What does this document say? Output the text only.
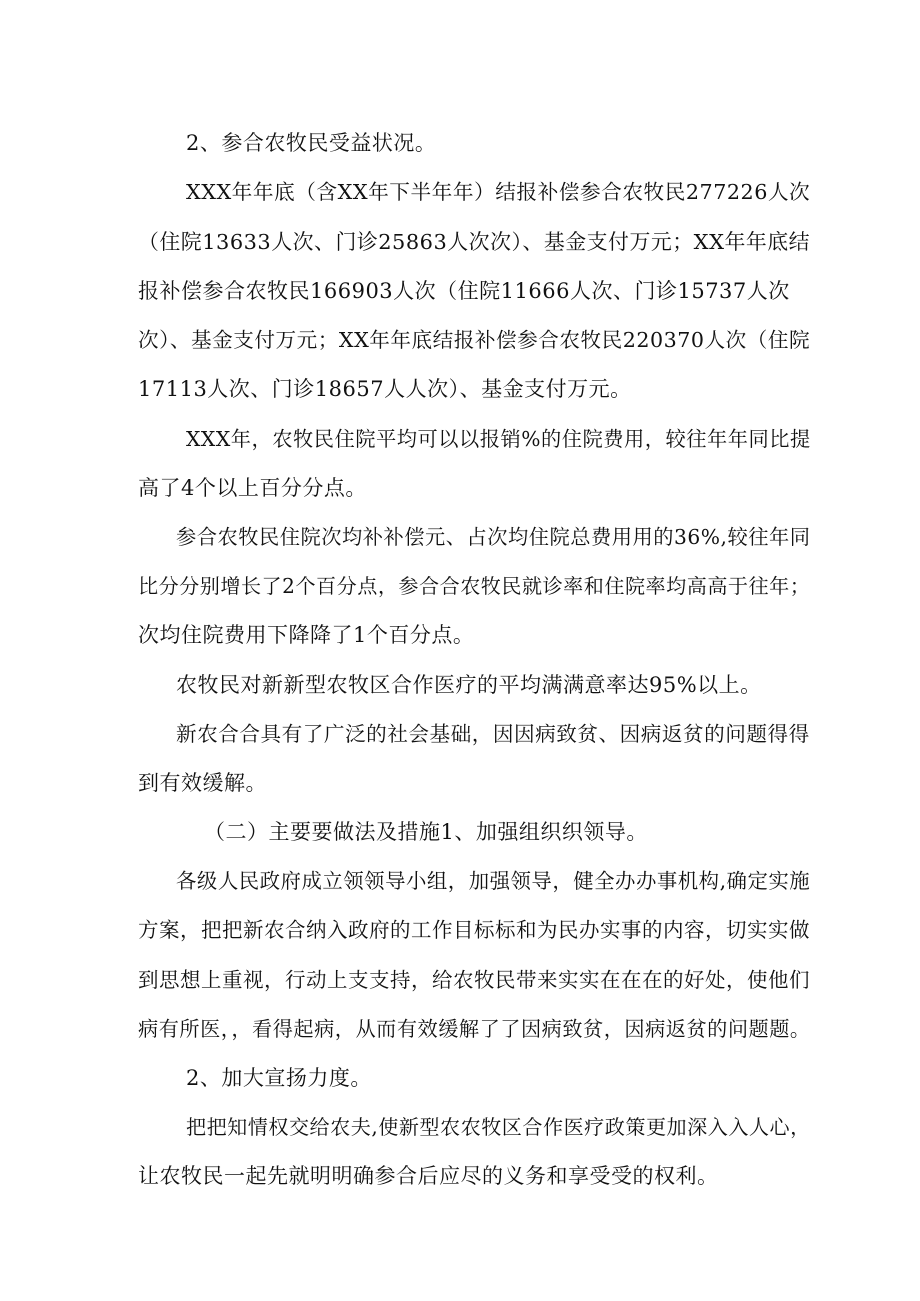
2、参合农牧民受益状况。
XXX年年底（含XX年下半年年）结报补偿参合农牧民277226人次
（住院13633人次、门诊25863人次次）、基金支付万元；XX年年底结
报补偿参合农牧民166903人次（住院11666人次、门诊15737人次
次）、基金支付万元；XX年年底结报补偿参合农牧民220370人次（住院
17113人次、门诊18657人人次）、基金支付万元。
XXX年，农牧民住院平均可以以报销%的住院费用，较往年年同比提
高了4个以上百分分点。
参合农牧民住院次均补补偿元、占次均住院总费用用的36%,较往年同
比分分别增长了2个百分点，参合合农牧民就诊率和住院率均高高于往年；
次均住院费用下降降了1个百分点。
农牧民对新新型农牧区合作医疗的平均满满意率达95%以上。
新农合合具有了广泛的社会基础，因因病致贫、因病返贫的问题得得
到有效缓解。
（二）主要要做法及措施1、加强组织织领导。
各级人民政府成立领领导小组，加强领导，健全办办事机构,确定实施
方案，把把新农合纳入政府的工作目标标和为民办实事的内容，切实实做
到思想上重视，行动上支支持，给农牧民带来实实在在在的好处，使他们
病有所医，，看得起病，从而有效缓解了了因病致贫，因病返贫的问题题。
2、加大宣扬力度。
把把知情权交给农夫,使新型农农牧区合作医疗政策更加深入入人心，
让农牧民一起先就明明确参合后应尽的义务和享受受的权利。
